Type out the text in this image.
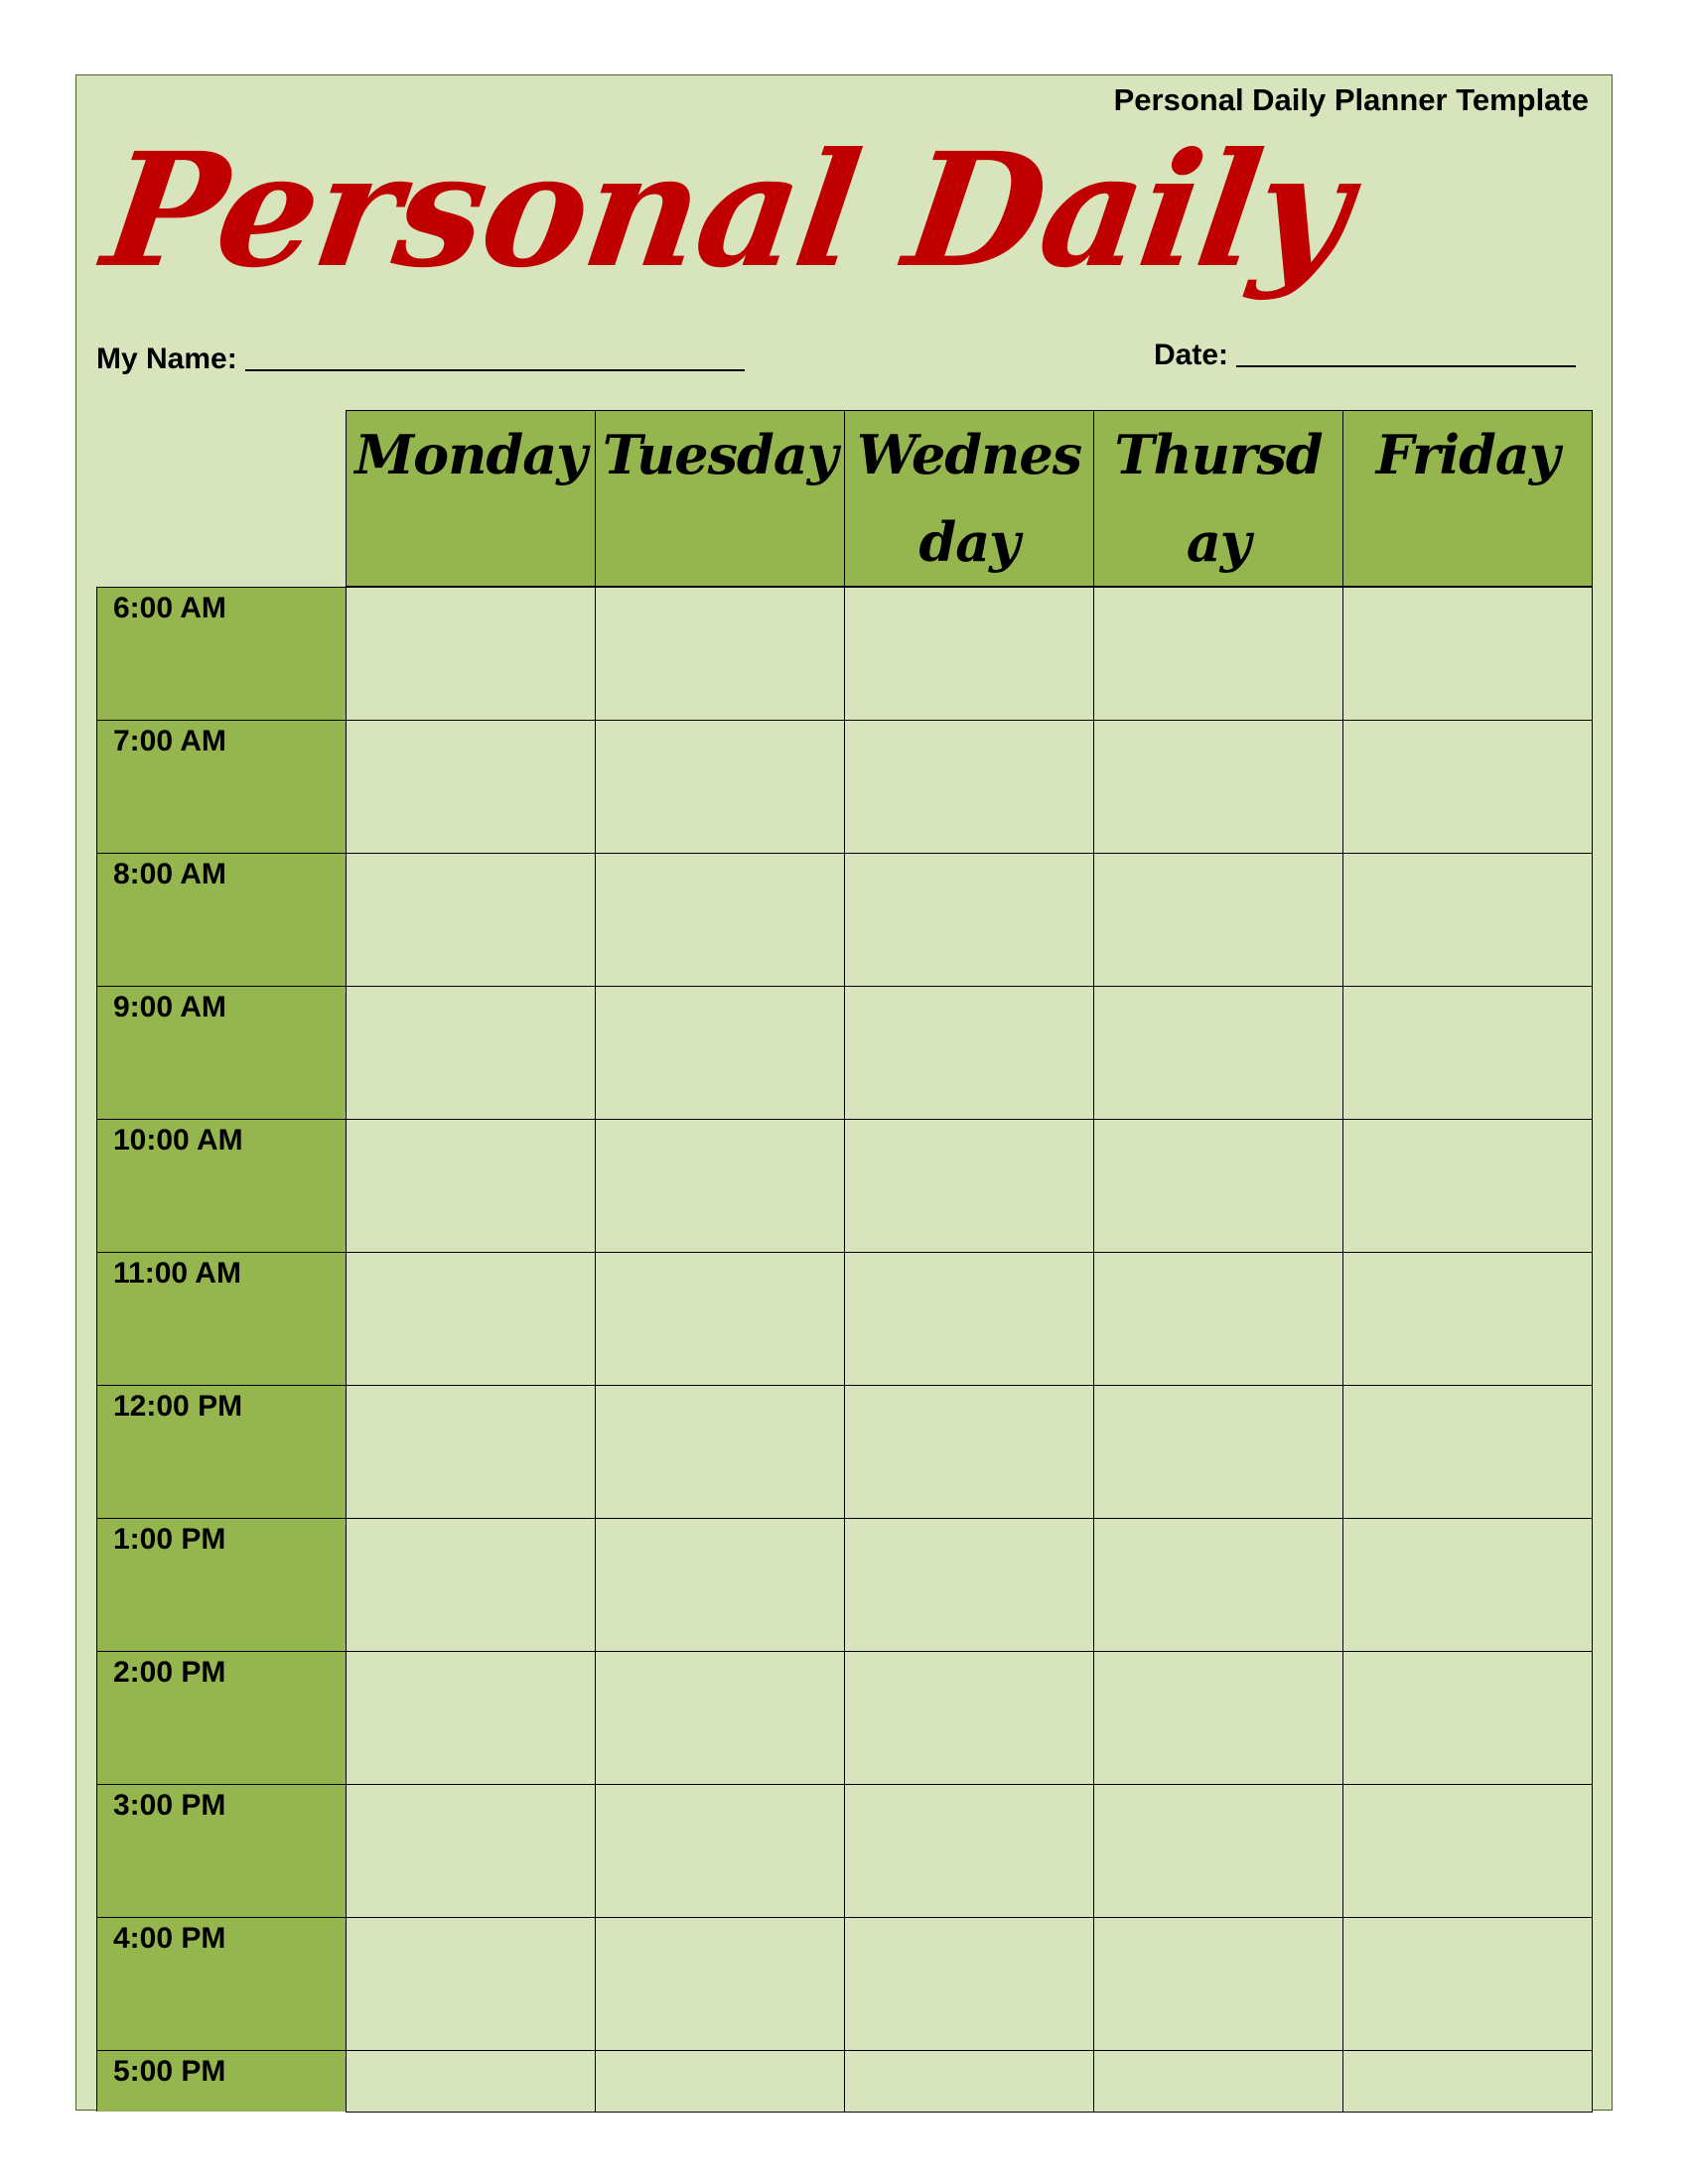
Personal Daily Planner Template
Personal Daily
My Name:	Date:
Monday Tuesday Wednesday
Thursday
Friday
6:00 AM
7:00 AM
8:00 AM
9:00 AM
10:00 AM
11:00 AM
12:00 PM
1:00 PM
2:00 PM
3:00 PM
4:00 PM
5:00 PM
